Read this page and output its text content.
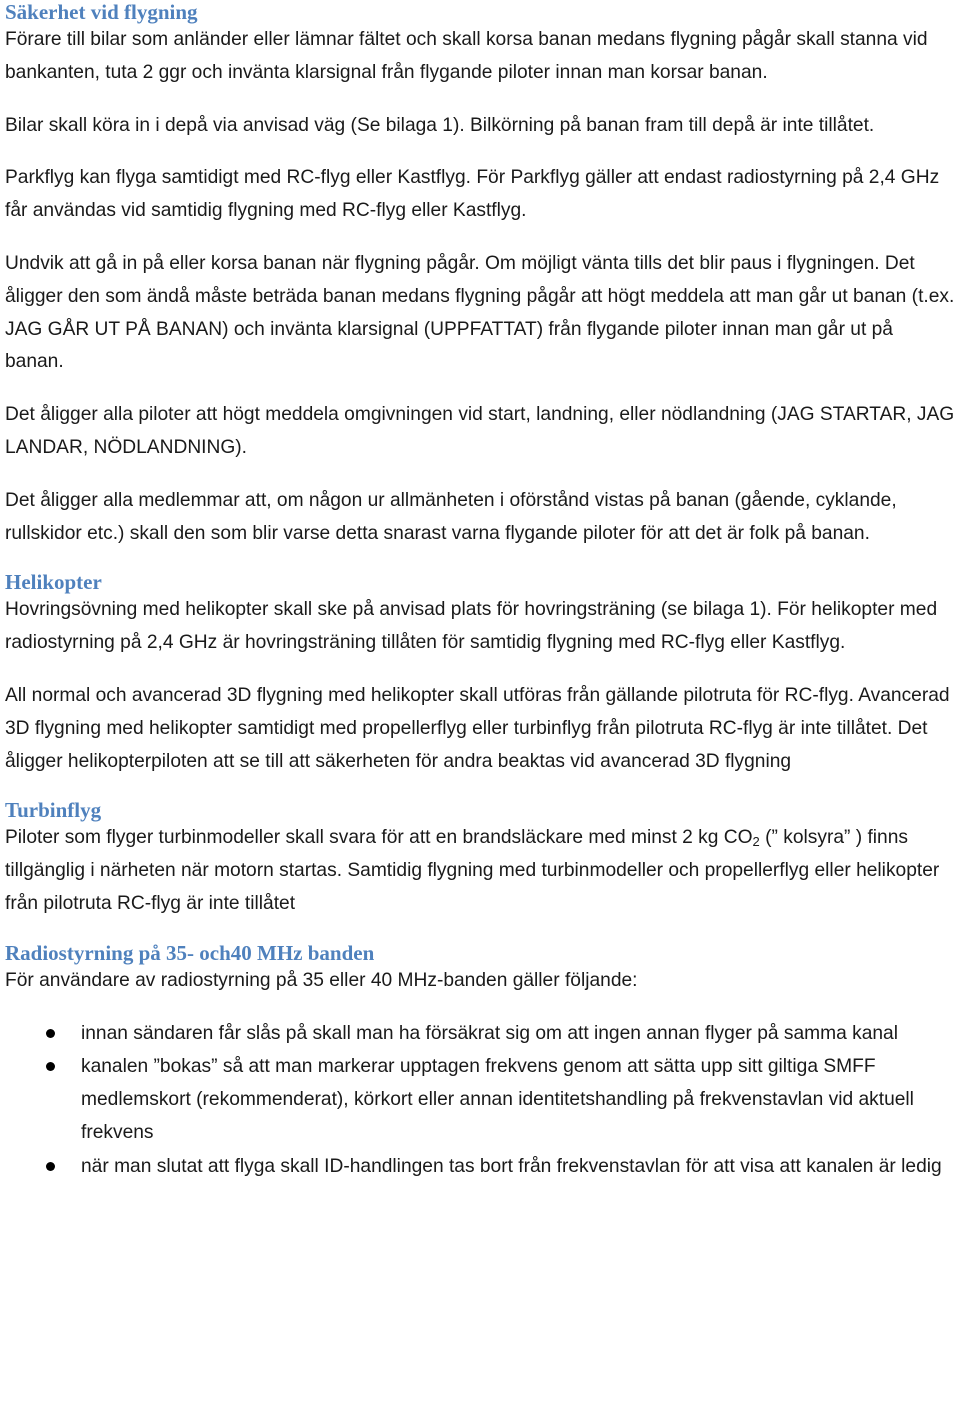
Säkerhet vid flygning

Förare till bilar som anländer eller lämnar fältet och skall korsa banan medans flygning pågår skall stanna vid bankanten, tuta 2 ggr och invänta klarsignal från flygande piloter innan man korsar banan.

Bilar skall köra in i depå via anvisad väg (Se bilaga 1). Bilkörning på banan fram till depå är inte tillåtet.

Parkflyg kan flyga samtidigt med RC-flyg eller Kastflyg. För Parkflyg gäller att endast radiostyrning på 2,4 GHz får användas vid samtidig flygning med RC-flyg eller Kastflyg.

Undvik att gå in på eller korsa banan när flygning pågår. Om möjligt vänta tills det blir paus i flygningen. Det åligger den som ändå måste beträda banan medans flygning pågår att högt meddela att man går ut banan (t.ex. JAG GÅR UT PÅ BANAN) och invänta klarsignal (UPPFATTAT) från flygande piloter innan man går ut på banan.

Det åligger alla piloter att högt meddela omgivningen vid start, landning, eller nödlandning (JAG STARTAR, JAG LANDAR, NÖDLANDNING).

Det åligger alla medlemmar att, om någon ur allmänheten i oförstånd vistas på banan (gående, cyklande, rullskidor etc.) skall den som blir varse detta snarast varna flygande piloter för att det är folk på banan.

Helikopter

Hovringsövning med helikopter skall ske på anvisad plats för hovringsträning (se bilaga 1). För helikopter med radiostyrning på 2,4 GHz är hovringsträning tillåten för samtidig flygning med RC-flyg eller Kastflyg.

All normal och avancerad 3D flygning med helikopter skall utföras från gällande pilotruta för RC-flyg. Avancerad 3D flygning med helikopter samtidigt med propellerflyg eller turbinflyg från pilotruta RC-flyg är inte tillåtet. Det åligger helikopterpiloten att se till att säkerheten för andra beaktas vid avancerad 3D flygning

Turbinflyg

Piloter som flyger turbinmodeller skall svara för att en brandsläckare med minst 2 kg $CO_2$ (” kolsyra” ) finns tillgänglig i närheten när motorn startas. Samtidig flygning med turbinmodeller och propellerflyg eller helikopter från pilotruta RC-flyg är inte tillåtet

Radiostyrning på 35- och40 MHz banden

För användare av radiostyrning på 35 eller 40 MHz-banden gäller följande:

innan sändaren får slås på skall man ha försäkrat sig om att ingen annan flyger på samma kanal
kanalen ”bokas” så att man markerar upptagen frekvens genom att sätta upp sitt giltiga SMFF medlemskort (rekommenderat), körkort eller annan identitetshandling på frekvenstavlan vid aktuell frekvens
när man slutat att flyga skall ID-handlingen tas bort från frekvenstavlan för att visa att kanalen är ledig
